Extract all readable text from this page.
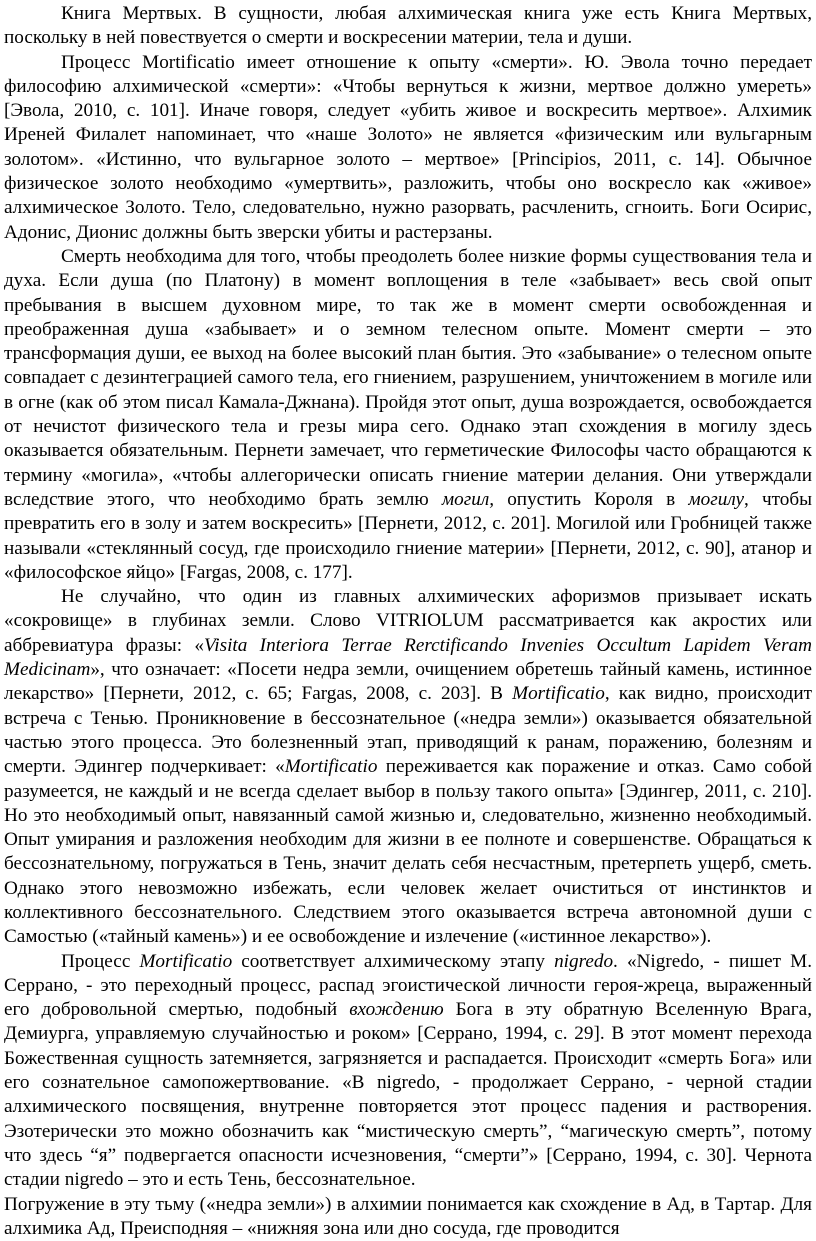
Книга Мертвых. В сущности, любая алхимическая книга уже есть Книга Мертвых, поскольку в ней повествуется о смерти и воскресении материи, тела и души.

Процесс Mortificatio имеет отношение к опыту «смерти». Ю. Эвола точно передает философию алхимической «смерти»: «Чтобы вернуться к жизни, мертвое должно умереть» [Эвола, 2010, с. 101]. Иначе говоря, следует «убить живое и воскресить мертвое». Алхимик Иреней Филалет напоминает, что «наше Золото» не является «физическим или вульгарным золотом». «Истинно, что вульгарное золото – мертвое» [Principios, 2011, с. 14]. Обычное физическое золото необходимо «умертвить», разложить, чтобы оно воскресло как «живое» алхимическое Золото. Тело, следовательно, нужно разорвать, расчленить, сгноить. Боги Осирис, Адонис, Дионис должны быть зверски убиты и растерзаны.

Смерть необходима для того, чтобы преодолеть более низкие формы существования тела и духа. Если душа (по Платону) в момент воплощения в теле «забывает» весь свой опыт пребывания в высшем духовном мире, то так же в момент смерти освобожденная и преображенная душа «забывает» и о земном телесном опыте. Момент смерти – это трансформация души, ее выход на более высокий план бытия. Это «забывание» о телесном опыте совпадает с дезинтеграцией самого тела, его гниением, разрушением, уничтожением в могиле или в огне (как об этом писал Камала-Джнана). Пройдя этот опыт, душа возрождается, освобождается от нечистот физического тела и грезы мира сего. Однако этап схождения в могилу здесь оказывается обязательным. Пернети замечает, что герметические Философы часто обращаются к термину «могила», «чтобы аллегорически описать гниение материи делания. Они утверждали вследствие этого, что необходимо брать землю могил, опустить Короля в могилу, чтобы превратить его в золу и затем воскресить» [Пернети, 2012, с. 201]. Могилой или Гробницей также называли «стеклянный сосуд, где происходило гниение материи» [Пернети, 2012, с. 90], атанор и «философское яйцо» [Fargas, 2008, с. 177].

Не случайно, что один из главных алхимических афоризмов призывает искать «сокровище» в глубинах земли. Слово VITRIOLUM рассматривается как акростих или аббревиатура фразы: «Visita Interiora Terrae Rerctificando Invenies Occultum Lapidem Veram Medicinam», что означает: «Посети недра земли, очищением обретешь тайный камень, истинное лекарство» [Пернети, 2012, с. 65; Fargas, 2008, с. 203]. В Mortificatio, как видно, происходит встреча с Тенью. Проникновение в бессознательное («недра земли») оказывается обязательной частью этого процесса. Это болезненный этап, приводящий к ранам, поражению, болезням и смерти. Эдингер подчеркивает: «Mortificatio переживается как поражение и отказ. Само собой разумеется, не каждый и не всегда сделает выбор в пользу такого опыта» [Эдингер, 2011, с. 210]. Но это необходимый опыт, навязанный самой жизнью и, следовательно, жизненно необходимый. Опыт умирания и разложения необходим для жизни в ее полноте и совершенстве. Обращаться к бессознательному, погружаться в Тень, значит делать себя несчастным, претерпеть ущерб, сметь. Однако этого невозможно избежать, если человек желает очиститься от инстинктов и коллективного бессознательного. Следствием этого оказывается встреча автономной души с Самостью («тайный камень») и ее освобождение и излечение («истинное лекарство»).

Процесс Mortificatio соответствует алхимическому этапу nigredo. «Nigredo, - пишет М. Серрано, - это переходный процесс, распад эгоистической личности героя-жреца, выраженный его добровольной смертью, подобный вхождению Бога в эту обратную Вселенную Врага, Демиурга, управляемую случайностью и роком» [Серрано, 1994, с. 29]. В этот момент перехода Божественная сущность затемняется, загрязняется и распадается. Происходит «смерть Бога» или его сознательное самопожертвование. «В nigredo, - продолжает Серрано, - черной стадии алхимического посвящения, внутренне повторяется этот процесс падения и растворения. Эзотерически это можно обозначить как “мистическую смерть”, “магическую смерть”, потому что здесь “я” подвергается опасности исчезновения, “смерти”» [Серрано, 1994, с. 30]. Чернота стадии nigredo – это и есть Тень, бессознательное.

Погружение в эту тьму («недра земли») в алхимии понимается как схождение в Ад, в Тартар. Для алхимика Ад, Преисподняя – «нижняя зона или дно сосуда, где проводится
